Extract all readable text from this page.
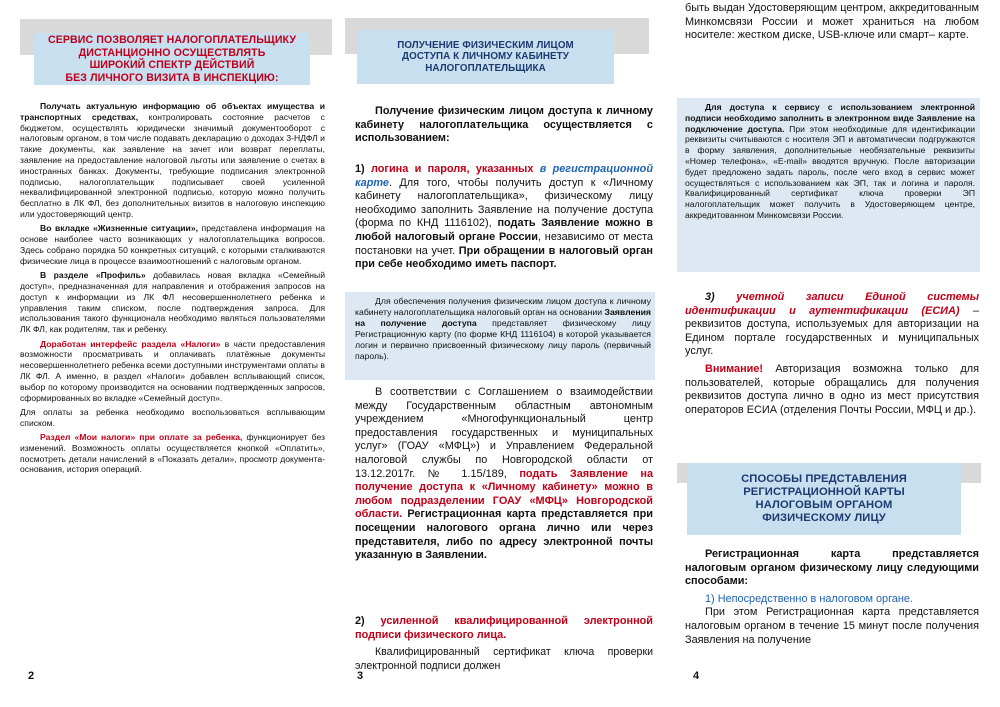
СЕРВИС ПОЗВОЛЯЕТ НАЛОГОПЛАТЕЛЬЩИКУ
ДИСТАНЦИОННО ОСУЩЕСТВЛЯТЬ
ШИРОКИЙ СПЕКТР ДЕЙСТВИЙ
БЕЗ ЛИЧНОГО ВИЗИТА В ИНСПЕКЦИЮ:

Получать актуальную информацию об объектах имущества и транспортных средствах, контролировать состояние расчетов с бюджетом, осуществлять юридически значимый документооборот с налоговым органом, в том числе подавать декларацию о доходах 3-НДФЛ и такие документы, как заявление на зачет или возврат переплаты, заявление на предоставление налоговой льготы или заявление о счетах в иностранных банках. Документы, требующие подписания электронной подписью, налогоплательщик подписывает своей усиленной неквалифицированной электронной подписью, которую можно получить бесплатно в ЛК ФЛ, без дополнительных визитов в налоговую инспекцию или удостоверяющий центр.

Во вкладке «Жизненные ситуации», представлена информация на основе наиболее часто возникающих у налогоплательщика вопросов. Здесь собрано порядка 50 конкретных ситуаций, с которыми сталкиваются физические лица в процессе взаимоотношений с налоговым органом.

В разделе «Профиль» добавилась новая вкладка «Семейный доступ», предназначенная для направления и отображения запросов на доступ к информации из ЛК ФЛ несовершеннолетнего ребенка и управления таким списком, после подтверждения запроса. Для использования такого функционала необходимо являться пользователями ЛК ФЛ, как родителям, так и ребенку.

Доработан интерфейс раздела «Налоги» в части предоставления возможности просматривать и оплачивать платёжные документы несовершеннолетнего ребенка всеми доступными инструментами оплаты в ЛК ФЛ. А именно, в раздел «Налоги» добавлен всплывающий список, выбор по которому производится на основании подтвержденных запросов, сформированных во вкладке «Семейный доступ».

Для оплаты за ребенка необходимо воспользоваться всплывающим списком.

Раздел «Мои налоги» при оплате за ребенка, функционирует без изменений. Возможность оплаты осуществляется кнопкой «Оплатить», посмотреть детали начислений в «Показать детали», просмотр документа-основания, история операций.

2
ПОЛУЧЕНИЕ ФИЗИЧЕСКИМ ЛИЦОМ
ДОСТУПА К ЛИЧНОМУ КАБИНЕТУ
НАЛОГОПЛАТЕЛЬЩИКА

Получение физическим лицом доступа к личному кабинету налогоплательщика осуществляется с использованием:

1) логина и пароля, указанных в регистрационной карте. Для того, чтобы получить доступ к «Личному кабинету налогоплательщика», физическому лицу необходимо заполнить Заявление на получение доступа (форма по КНД 1116102), подать Заявление можно в любой налоговый органе России, независимо от места постановки на учет. При обращении в налоговый орган при себе необходимо иметь паспорт.

Для обеспечения получения физическим лицом доступа к личному кабинету налогоплательщика налоговый орган на основании Заявления на получение доступа представляет физическому лицу Регистрационную карту (по форме КНД 1116104) в которой указывается логин и первично присвоенный физическому лицу пароль (первичный пароль).

В соответствии с Соглашением о взаимодействии между Государственным областным автономным учреждением «Многофункциональный центр предоставления государственных и муниципальных услуг» (ГОАУ «МФЦ») и Управлением Федеральной налоговой службы по Новгородской области от 13.12.2017г. № 1.15/189, подать Заявление на получение доступа к «Личному кабинету» можно в любом подразделении ГОАУ «МФЦ» Новгородской области. Регистрационная карта представляется при посещении налогового органа лично или через представителя, либо по адресу электронной почты указанную в Заявлении.

2) усиленной квалифицированной электронной подписи физического лица.

Квалифицированный сертификат ключа проверки электронной подписи должен

3

быть выдан Удостоверяющим центром, аккредитованным Минкомсвязи России и может храниться на любом носителе: жестком диске, USB-ключе или смарт– карте.

Для доступа к сервису с использованием электронной подписи необходимо заполнить в электронном виде Заявление на подключение доступа. При этом необходимые для идентификации реквизиты считываются с носителя ЭП и автоматически подгружаются в форму заявления, дополнительные необязательные реквизиты «Номер телефона», «E-mail» вводятся вручную. После авторизации будет предложено задать пароль, после чего вход в сервис может осуществляться с использованием как ЭП, так и логина и пароля. Квалифицированный сертификат ключа проверки ЭП налогоплательщик может получить в Удостоверяющем центре, аккредитованном Минкомсвязи России.

3) учетной записи Единой системы идентификации и аутентификации (ЕСИА) – реквизитов доступа, используемых для авторизации на Едином портале государственных и муниципальных услуг.

Внимание! Авторизация возможна только для пользователей, которые обращались для получения реквизитов доступа лично в одно из мест присутствия операторов ЕСИА (отделения Почты России, МФЦ и др.).

СПОСОБЫ ПРЕДСТАВЛЕНИЯ
РЕГИСТРАЦИОННОЙ КАРТЫ
НАЛОГОВЫМ ОРГАНОМ
ФИЗИЧЕСКОМУ ЛИЦУ

Регистрационная карта представляется налоговым органом физическому лицу следующими способами:

1) Непосредственно в налоговом органе.

При этом Регистрационная карта представляется налоговым органом в течение 15 минут после получения Заявления на получение

4
